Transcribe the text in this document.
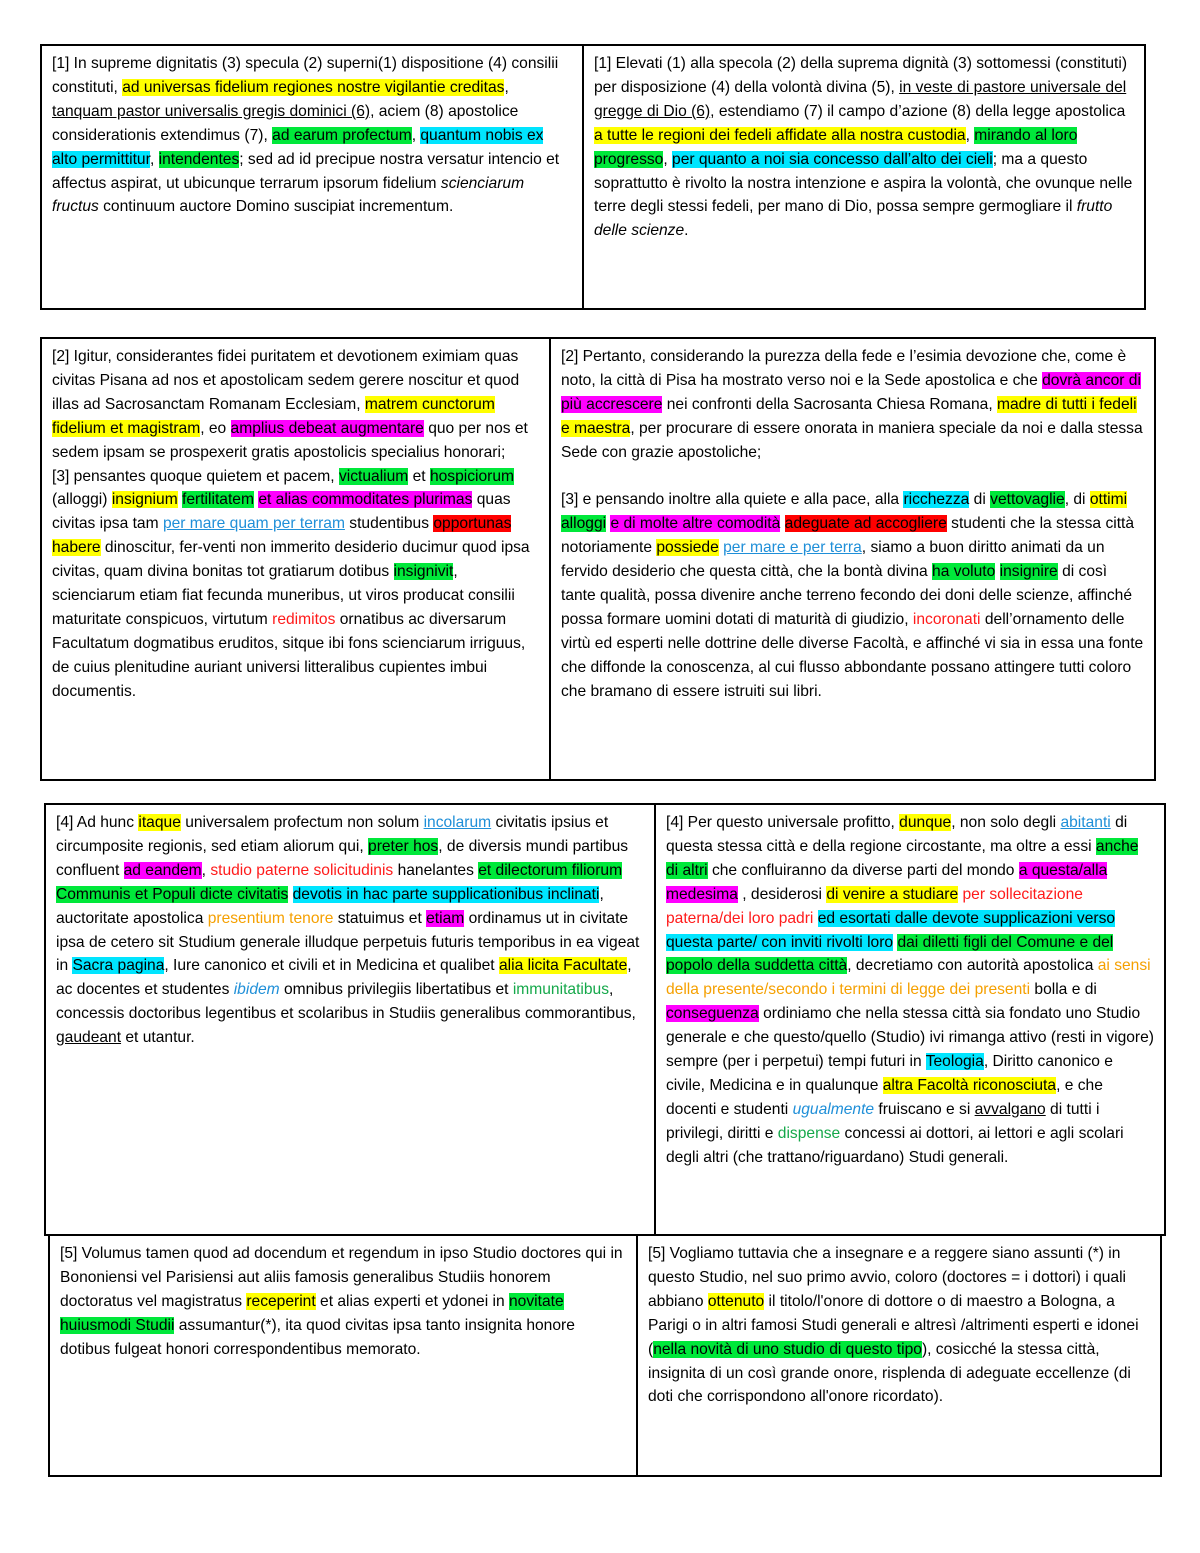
[1] In supreme dignitatis (3) specula (2) superni(1) dispositione (4) consilii constituti, ad universas fidelium regiones nostre vigilantie creditas, tanquam pastor universalis gregis dominici (6), aciem (8) apostolice considerationis extendimus (7), ad earum profectum, quantum nobis ex alto permittitur, intendentes; sed ad id precipue nostra versatur intencio et affectus aspirat, ut ubicunque terrarum ipsorum fidelium scienciarum fructus continuum auctore Domino suscipiat incrementum.
[1] Elevati (1) alla specola (2) della suprema dignità (3) sottomessi (constituti) per disposizione (4) della volontà divina (5), in veste di pastore universale del gregge di Dio (6), estendiamo (7) il campo d’azione (8) della legge apostolica a tutte le regioni dei fedeli affidate alla nostra custodia, mirando al loro progresso, per quanto a noi sia concesso dall’alto dei cieli; ma a questo soprattutto è rivolto la nostra intenzione e aspira la volontà, che ovunque nelle terre degli stessi fedeli, per mano di Dio, possa sempre germogliare il frutto delle scienze.
[2] Igitur, considerantes fidei puritatem et devotionem eximiam quas civitas Pisana ad nos et apostolicam sedem gerere noscitur et quod illas ad Sacrosanctam Romanam Ecclesiam, matrem cunctorum fidelium et magistram, eo amplius debeat augmentare quo per nos et sedem ipsam se prospexerit gratis apostolicis specialius honorari;
[3] pensantes quoque quietem et pacem, victualium et hospiciorum (alloggi) insignium fertilitatem et alias commoditates plurimas quas civitas ipsa tam per mare quam per terram studentibus opportunas habere dinoscitur, fer-venti non immerito desiderio ducimur quod ipsa civitas, quam divina bonitas tot gratiarum dotibus insignivit, scienciarum etiam fiat fecunda muneribus, ut viros producat consilii maturitate conspicuos, virtutum redimitos ornatibus ac diversarum Facultatum dogmatibus eruditos, sitque ibi fons scienciarum irriguus, de cuius plenitudine auriant universi litteralibus cupientes imbui documentis.
[2] Pertanto, considerando la purezza della fede e l’esimia devozione che, come è noto, la città di Pisa ha mostrato verso noi e la Sede apostolica e che dovrà ancor di più accrescere nei confronti della Sacrosanta Chiesa Romana, madre di tutti i fedeli e maestra, per procurare di essere onorata in maniera speciale da noi e dalla stessa Sede con grazie apostoliche;

[3] e pensando inoltre alla quiete e alla pace, alla ricchezza di vettovaglie, di ottimi alloggi e di molte altre comodità adeguate ad accogliere studenti che la stessa città notoriamente possiede per mare e per terra, siamo a buon diritto animati da un fervido desiderio che questa città, che la bontà divina ha voluto insignire di così tante qualità, possa divenire anche terreno fecondo dei doni delle scienze, affinché possa formare uomini dotati di maturità di giudizio, incoronati dell’ornamento delle virtù ed esperti nelle dottrine delle diverse Facoltà, e affinché vi sia in essa una fonte che diffonde la conoscenza, al cui flusso abbondante possano attingere tutti coloro che bramano di essere istruiti sui libri.
[4] Ad hunc itaque universalem profectum non solum incolarum civitatis ipsius et circumposite regionis, sed etiam aliorum qui, preter hos, de diversis mundi partibus confluent ad eandem, studio paterne solicitudinis hanelantes et dilectorum filiorum Communis et Populi dicte civitatis devotis in hac parte supplicationibus inclinati, auctoritate apostolica presentium tenore statuimus et etiam ordinamus ut in civitate ipsa de cetero sit Studium generale illudque perpetuis futuris temporibus in ea vigeat in Sacra pagina, Iure canonico et civili et in Medicina et qualibet alia licita Facultate, ac docentes et studentes ibidem omnibus privilegiis libertatibus et immunitatibus, concessis doctoribus legentibus et scolaribus in Studiis generalibus commorantibus, gaudeant et utantur.
[4] Per questo universale profitto, dunque, non solo degli abitanti di questa stessa città e della regione circostante, ma oltre a essi anche di altri che confluiranno da diverse parti del mondo a questa/alla medesima , desiderosi di venire a studiare per sollecitazione paterna/dei loro padri ed esortati dalle devote supplicazioni verso questa parte/ con inviti rivolti loro dai diletti figli del Comune e del popolo della suddetta città, decretiamo con autorità apostolica ai sensi della presente/secondo i termini di legge dei presenti bolla e di conseguenza ordiniamo che nella stessa città sia fondato uno Studio generale e che questo/quello (Studio) ivi rimanga attivo (resti in vigore) sempre (per i perpetui) tempi futuri in Teologia, Diritto canonico e civile, Medicina e in qualunque altra Facoltà riconosciuta, e che docenti e studenti ugualmente fruiscano e si avvalgano di tutti i privilegi, diritti e dispense concessi ai dottori, ai lettori e agli scolari degli altri (che trattano/riguardano) Studi generali.
[5] Volumus tamen quod ad docendum et regendum in ipso Studio doctores qui in Bononiensi vel Parisiensi aut aliis famosis generalibus Studiis honorem doctoratus vel magistratus receperint et alias experti et ydonei in novitate huiusmodi Studii assumantur(*), ita quod civitas ipsa tanto insignita honore dotibus fulgeat honori correspondentibus memorato.
[5] Vogliamo tuttavia che a insegnare e a reggere siano assunti (*) in questo Studio, nel suo primo avvio, coloro (doctores = i dottori) i quali abbiano ottenuto il titolo/l'onore di dottore o di maestro a Bologna, a Parigi o in altri famosi Studi generali e altresì /altrimenti esperti e idonei (nella novità di uno studio di questo tipo), cosicché la stessa città, insignita di un così grande onore, risplenda di adeguate eccellenze (di doti che corrispondono all'onore ricordato).
